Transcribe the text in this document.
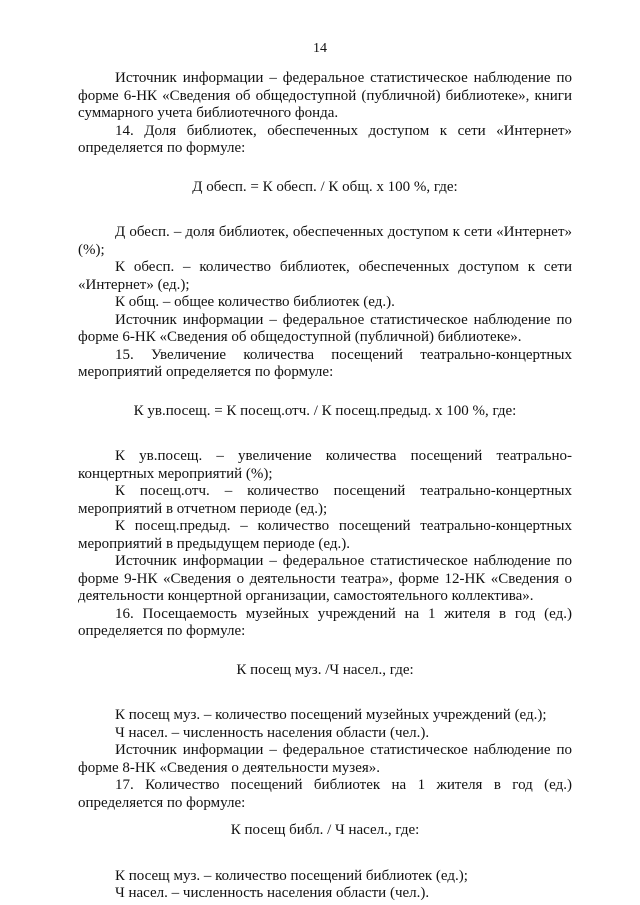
14

Источник информации – федеральное статистическое наблюдение по форме 6-НК «Сведения об общедоступной (публичной) библиотеке», книги суммарного учета библиотечного фонда.

14. Доля библиотек, обеспеченных доступом к сети «Интернет» определяется по формуле:

Д обесп. = К обесп. / К общ. х 100 %, где:

Д обесп. – доля библиотек, обеспеченных доступом к сети «Интернет» (%);

К обесп. – количество библиотек, обеспеченных доступом к сети «Интернет» (ед.);

К общ. – общее количество библиотек (ед.).

Источник информации – федеральное статистическое наблюдение по форме 6-НК «Сведения об общедоступной (публичной) библиотеке».

15. Увеличение количества посещений театрально-концертных мероприятий определяется по формуле:

К ув.посещ. = К посещ.отч. / К посещ.предыд. х 100 %, где:

К ув.посещ. – увеличение количества посещений театрально-концертных мероприятий (%);

К посещ.отч. – количество посещений театрально-концертных мероприятий в отчетном периоде (ед.);

К посещ.предыд. – количество посещений театрально-концертных мероприятий в предыдущем периоде (ед.).

Источник информации – федеральное статистическое наблюдение по форме 9-НК «Сведения о деятельности театра», форме 12-НК «Сведения о деятельности концертной организации, самостоятельного коллектива».

16. Посещаемость музейных учреждений на 1 жителя в год (ед.) определяется по формуле:

К посещ муз. /Ч насел., где:

К посещ муз. – количество посещений музейных учреждений (ед.);

Ч насел. – численность населения области (чел.).

Источник информации – федеральное статистическое наблюдение по форме 8-НК «Сведения о деятельности музея».

17. Количество посещений библиотек на 1 жителя в год (ед.) определяется по формуле:

К посещ библ. / Ч насел., где:

К посещ муз. – количество посещений библиотек (ед.);

Ч насел. – численность населения области (чел.).
